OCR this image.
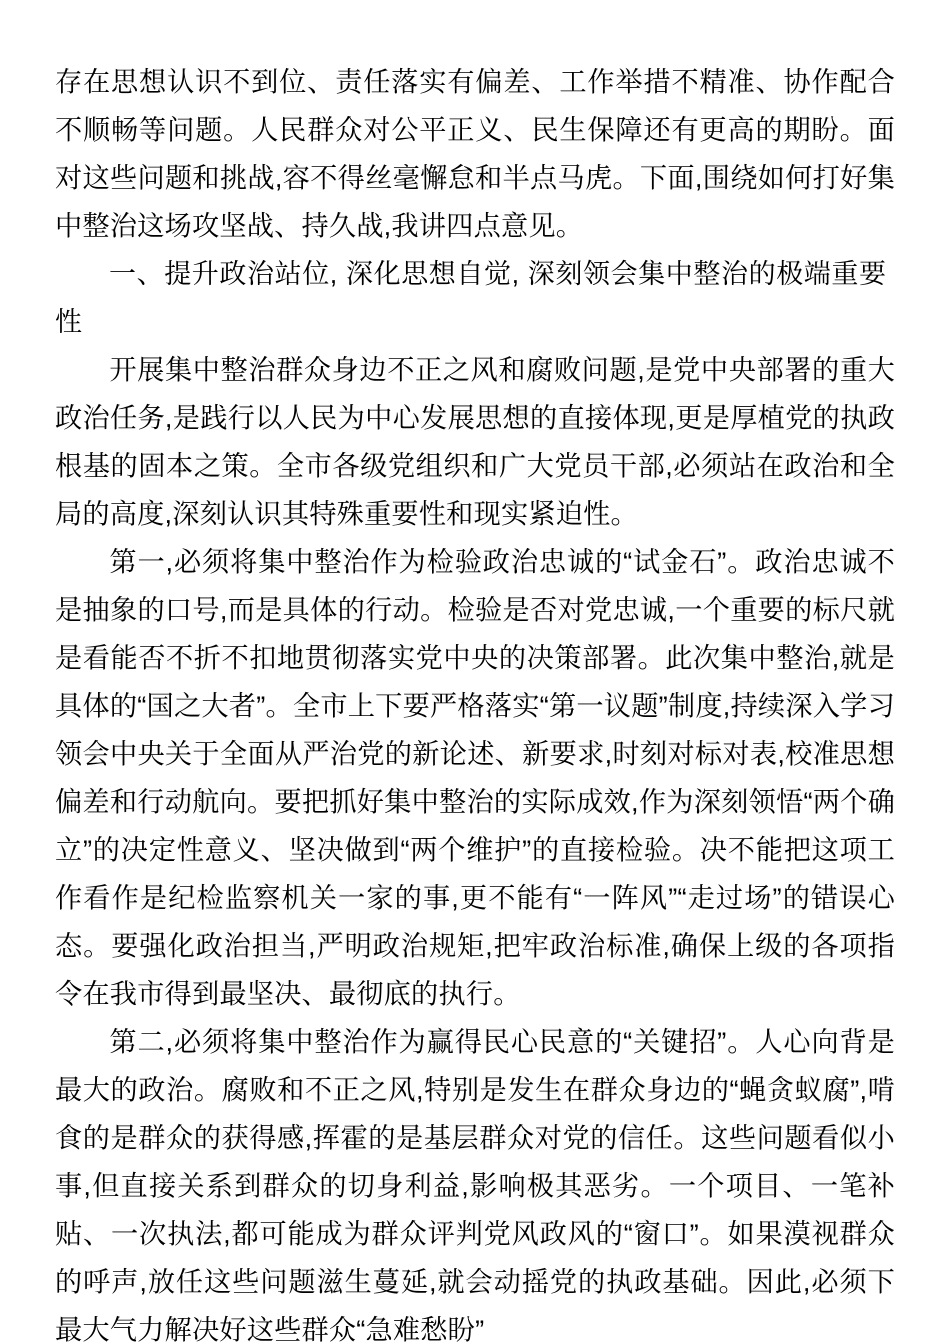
存在思想认识不到位、责任落实有偏差、工作举措不精准、协作配合不顺畅等问题。人民群众对公平正义、民生保障还有更高的期盼。面对这些问题和挑战,容不得丝毫懈怠和半点马虎。下面,围绕如何打好集中整治这场攻坚战、持久战,我讲四点意见。

一、提升政治站位, 深化思想自觉, 深刻领会集中整治的极端重要性

开展集中整治群众身边不正之风和腐败问题,是党中央部署的重大政治任务,是践行以人民为中心发展思想的直接体现,更是厚植党的执政根基的固本之策。全市各级党组织和广大党员干部,必须站在政治和全局的高度,深刻认识其特殊重要性和现实紧迫性。

第一,必须将集中整治作为检验政治忠诚的“试金石”。政治忠诚不是抽象的口号,而是具体的行动。检验是否对党忠诚,一个重要的标尺就是看能否不折不扣地贯彻落实党中央的决策部署。此次集中整治,就是具体的“国之大者”。全市上下要严格落实“第一议题”制度,持续深入学习领会中央关于全面从严治党的新论述、新要求,时刻对标对表,校准思想偏差和行动航向。要把抓好集中整治的实际成效,作为深刻领悟“两个确立”的决定性意义、坚决做到“两个维护”的直接检验。决不能把这项工作看作是纪检监察机关一家的事,更不能有“一阵风”“走过场”的错误心态。要强化政治担当,严明政治规矩,把牢政治标准,确保上级的各项指令在我市得到最坚决、最彻底的执行。

第二,必须将集中整治作为赢得民心民意的“关键招”。人心向背是最大的政治。腐败和不正之风,特别是发生在群众身边的“蝇贪蚁腐”,啃食的是群众的获得感,挥霍的是基层群众对党的信任。这些问题看似小事,但直接关系到群众的切身利益,影响极其恶劣。一个项目、一笔补贴、一次执法,都可能成为群众评判党风政风的“窗口”。如果漠视群众的呼声,放任这些问题滋生蔓延,就会动摇党的执政基础。因此,必须下最大气力解决好这些群众“急难愁盼”
